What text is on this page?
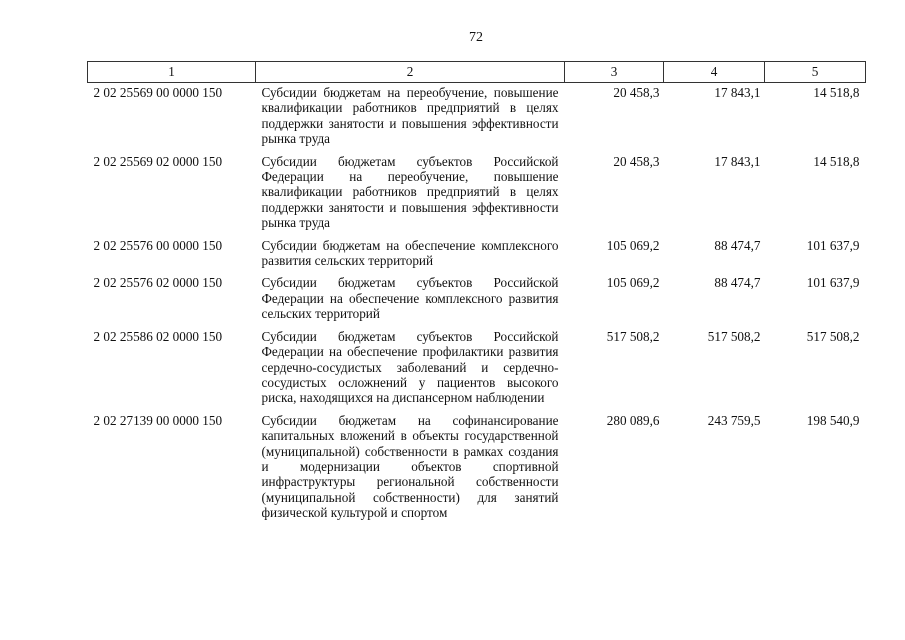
72
1	2	3	4	5
2 02 25569 00 0000 150	Субсидии бюджетам на переобучение, повышение квалификации работников предприятий в целях поддержки занятости и повышения эффективности рынка труда	20 458,3	17 843,1	14 518,8
2 02 25569 02 0000 150	Субсидии бюджетам субъектов Российской Федерации на переобучение, повышение квалификации работников предприятий в целях поддержки занятости и повышения эффективности рынка труда	20 458,3	17 843,1	14 518,8
2 02 25576 00 0000 150	Субсидии бюджетам на обеспечение комплексного развития сельских территорий	105 069,2	88 474,7	101 637,9
2 02 25576 02 0000 150	Субсидии бюджетам субъектов Российской Федерации на обеспечение комплексного развития сельских территорий	105 069,2	88 474,7	101 637,9
2 02 25586 02 0000 150	Субсидии бюджетам субъектов Российской Федерации на обеспечение профилактики развития сердечно-сосудистых заболеваний и сердечно-сосудистых осложнений у пациентов высокого риска, находящихся на диспансерном наблюдении	517 508,2	517 508,2	517 508,2
2 02 27139 00 0000 150	Субсидии бюджетам на софинансирование капитальных вложений в объекты государственной (муниципальной) собственности в рамках создания и модернизации объектов спортивной инфраструктуры региональной собственности (муниципальной собственности) для занятий физической культурой и спортом	280 089,6	243 759,5	198 540,9
